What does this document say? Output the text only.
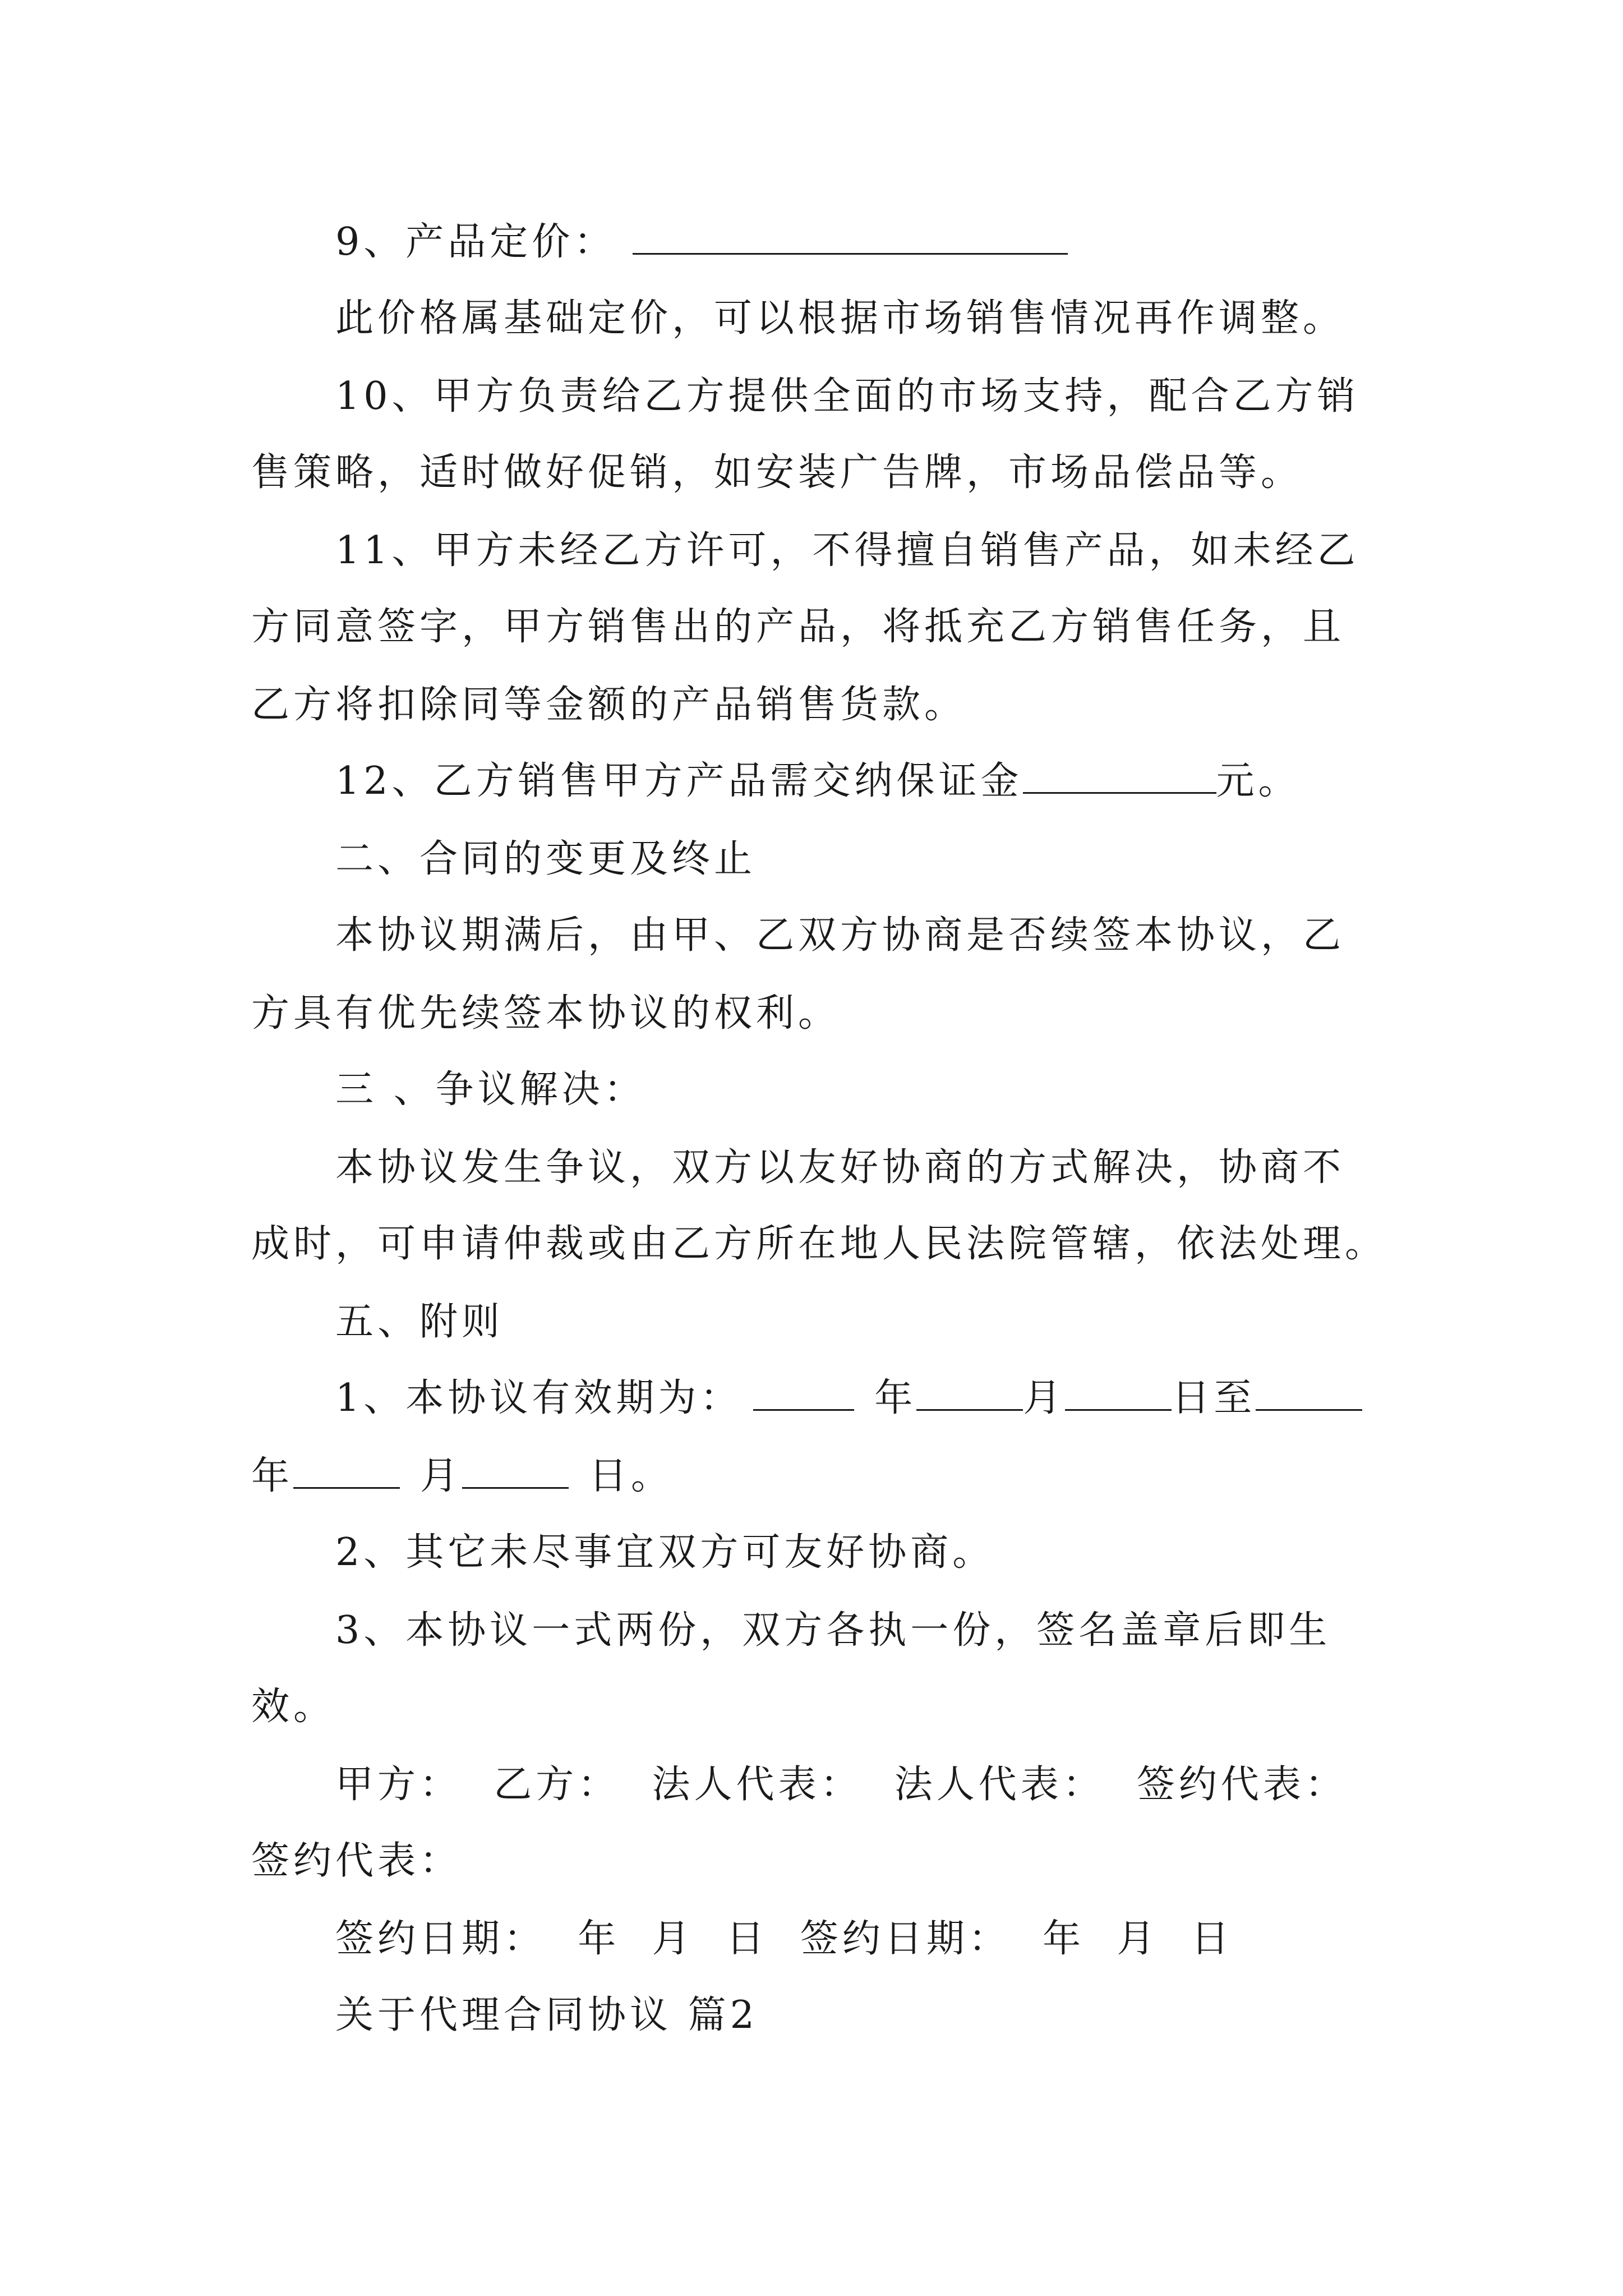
9、产品定价：
此价格属基础定价，可以根据市场销售情况再作调整。
10、甲方负责给乙方提供全面的市场支持，配合乙方销
售策略，适时做好促销，如安装广告牌，市场品偿品等。
11、甲方未经乙方许可，不得擅自销售产品，如未经乙
方同意签字，甲方销售出的产品，将抵充乙方销售任务，且
乙方将扣除同等金额的产品销售货款。
12、乙方销售甲方产品需交纳保证金	元。
二、合同的变更及终止
本协议期满后，由甲、乙双方协商是否续签本协议，乙
方具有优先续签本协议的权利。
三 、争议解决：
本协议发生争议，双方以友好协商的方式解决，协商不
成时，可申请仲裁或由乙方所在地人民法院管辖，依法处理。
五、附则
1、本协议有效期为：	年	月	日至
年	月	日。
2、其它未尽事宜双方可友好协商。
3、本协议一式两份，双方各执一份，签名盖章后即生
效。
甲方：  乙方：  法人代表：  法人代表：  签约代表：
签约代表：
签约日期：  年  月  日  签约日期：  年  月  日
关于代理合同协议 篇2
